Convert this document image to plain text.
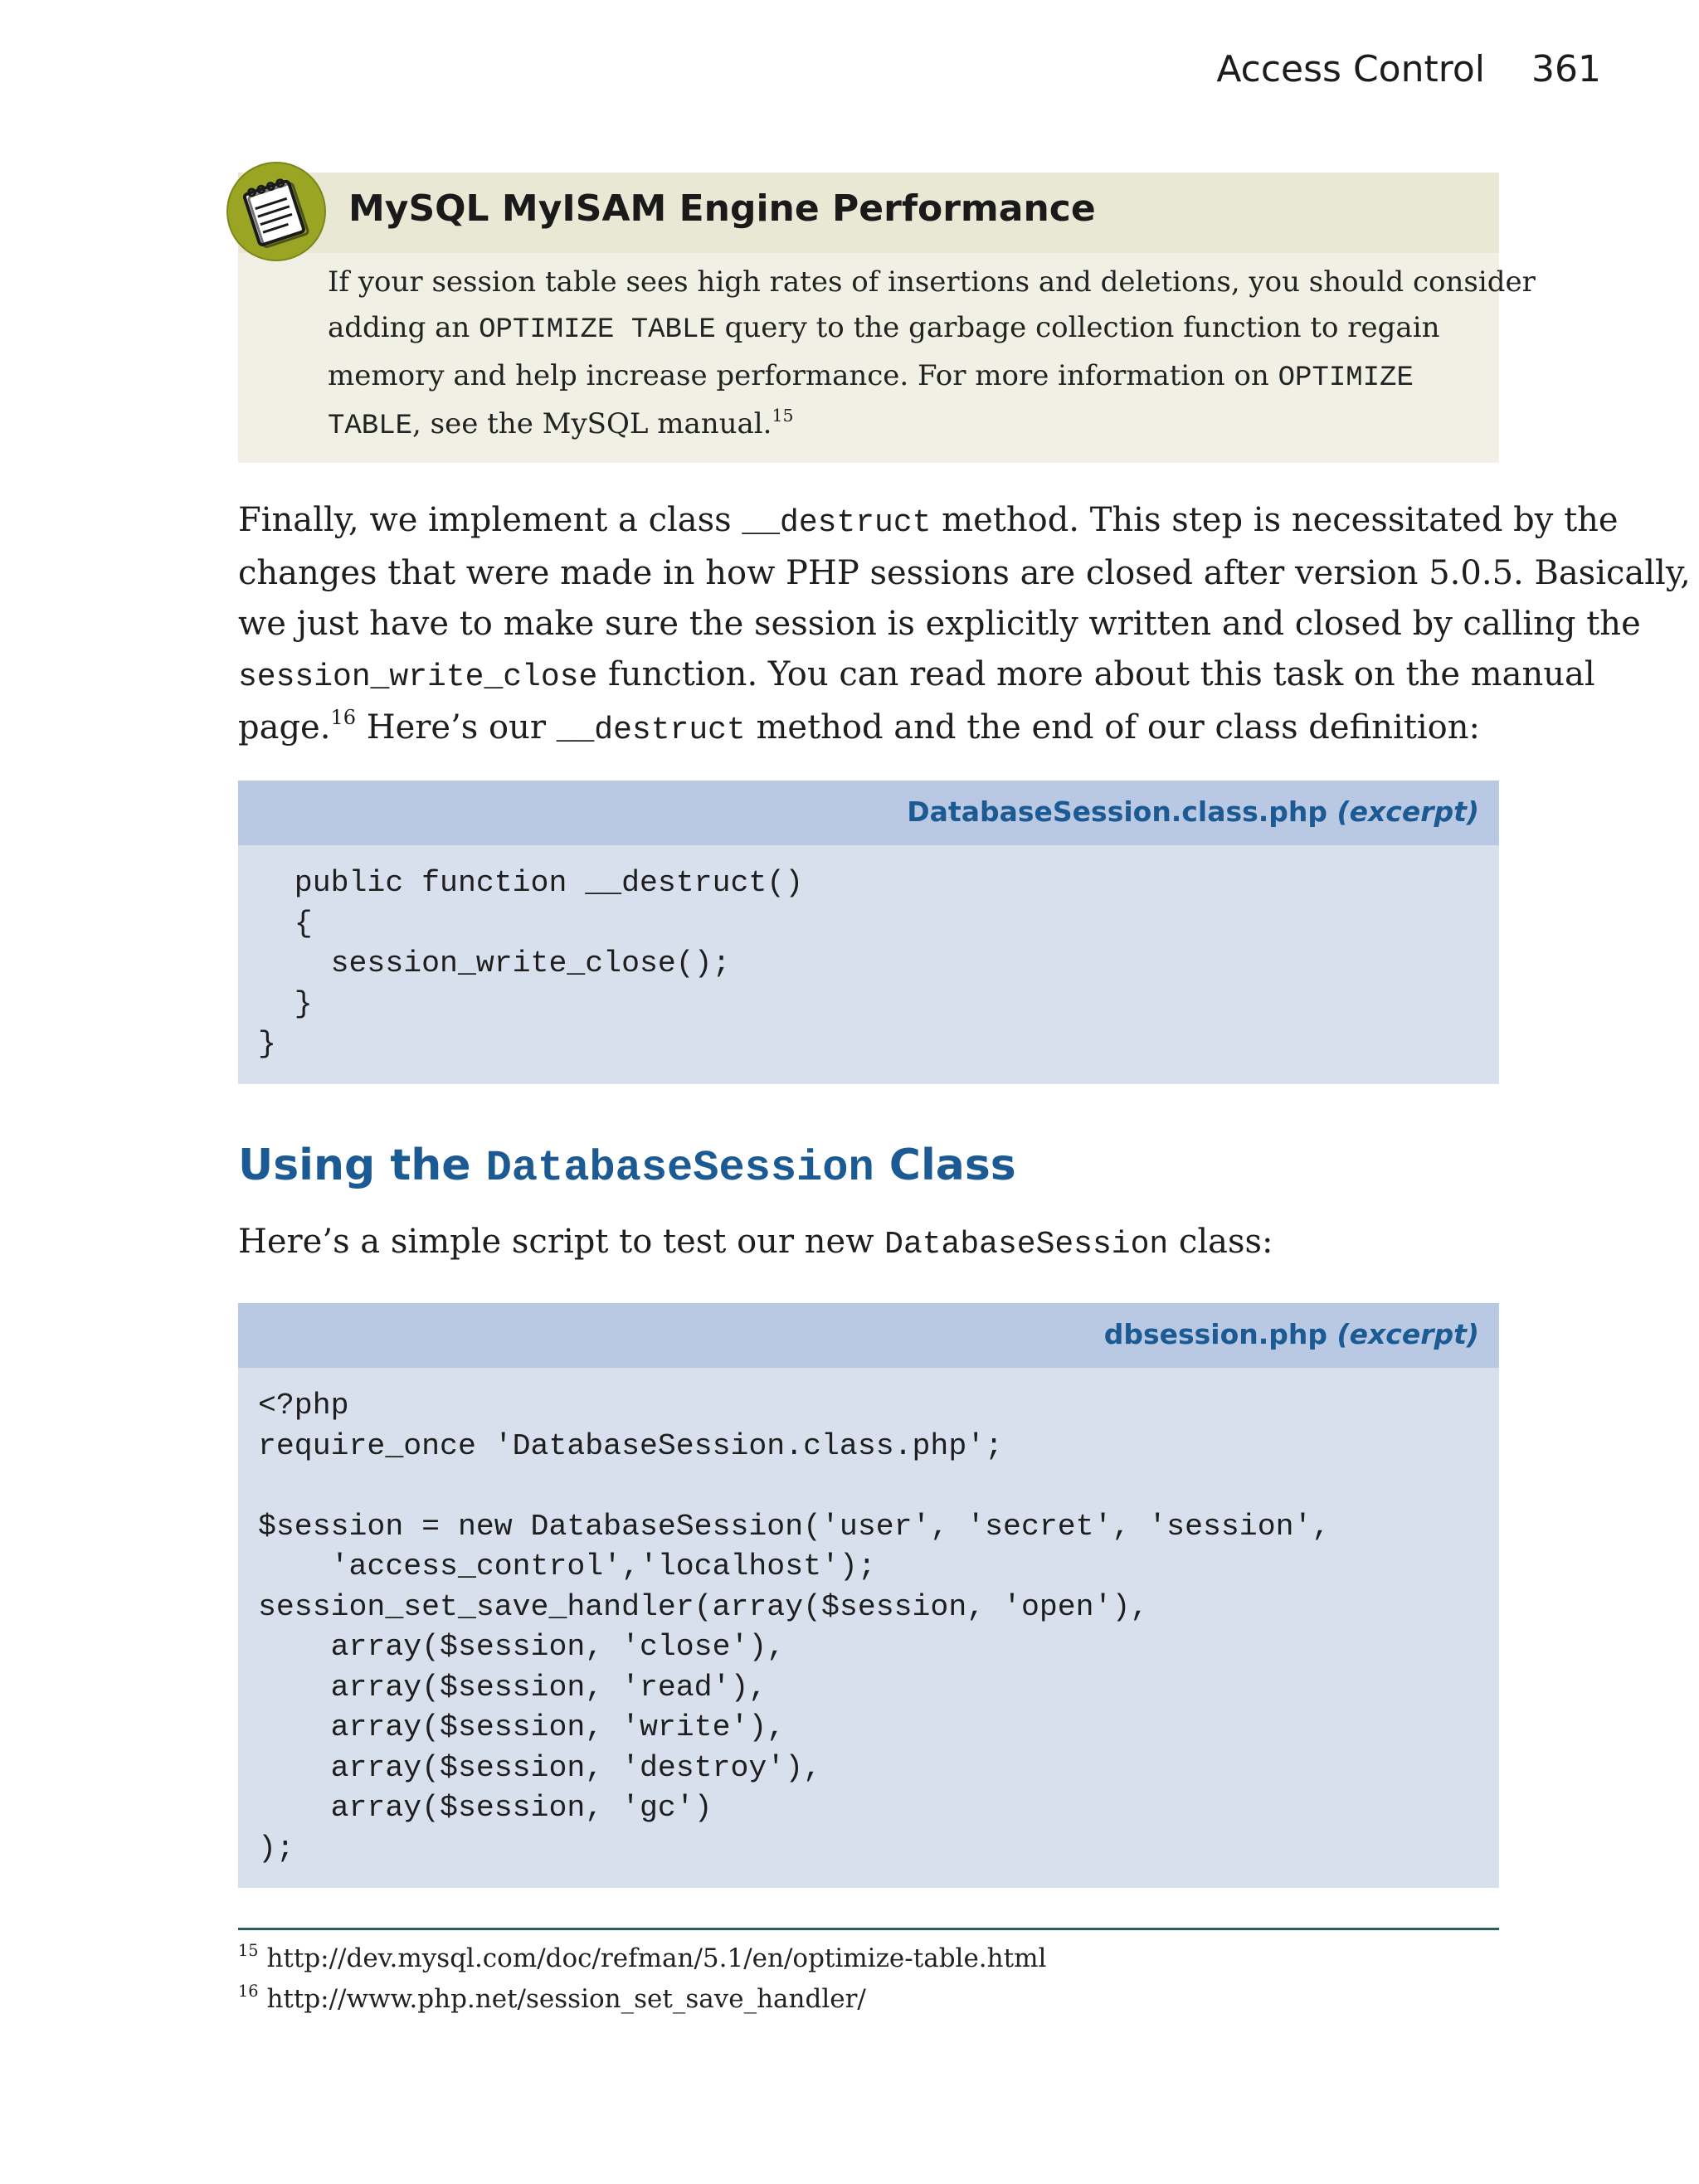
Access Control 361
MySQL MyISAM Engine Performance
If your session table sees high rates of insertions and deletions, you should consider
adding an OPTIMIZE TABLE query to the garbage collection function to regain
memory and help increase performance. For more information on OPTIMIZE
TABLE, see the MySQL manual.$^{15}$
Finally, we implement a class __destruct method. This step is necessitated by the
changes that were made in how PHP sessions are closed after version 5.0.5. Basically,
we just have to make sure the session is explicitly written and closed by calling the
session_write_close function. You can read more about this task on the manual
page.$^{16}$ Here’s our __destruct method and the end of our class definition:
DatabaseSession.class.php (excerpt)
public function __destruct()
{
session_write_close();
}
}
Using the DatabaseSession Class
Here’s a simple script to test our new DatabaseSession class:
dbsession.php (excerpt)
<?php
require_once 'DatabaseSession.class.php';

$session = new DatabaseSession('user', 'secret', 'session',
'access_control','localhost');
session_set_save_handler(array($session, 'open'),
array($session, 'close'),
array($session, 'read'),
array($session, 'write'),
array($session, 'destroy'),
array($session, 'gc')
);
$^{15}$ http://dev.mysql.com/doc/refman/5.1/en/optimize-table.html
$^{16}$ http://www.php.net/session_set_save_handler/
